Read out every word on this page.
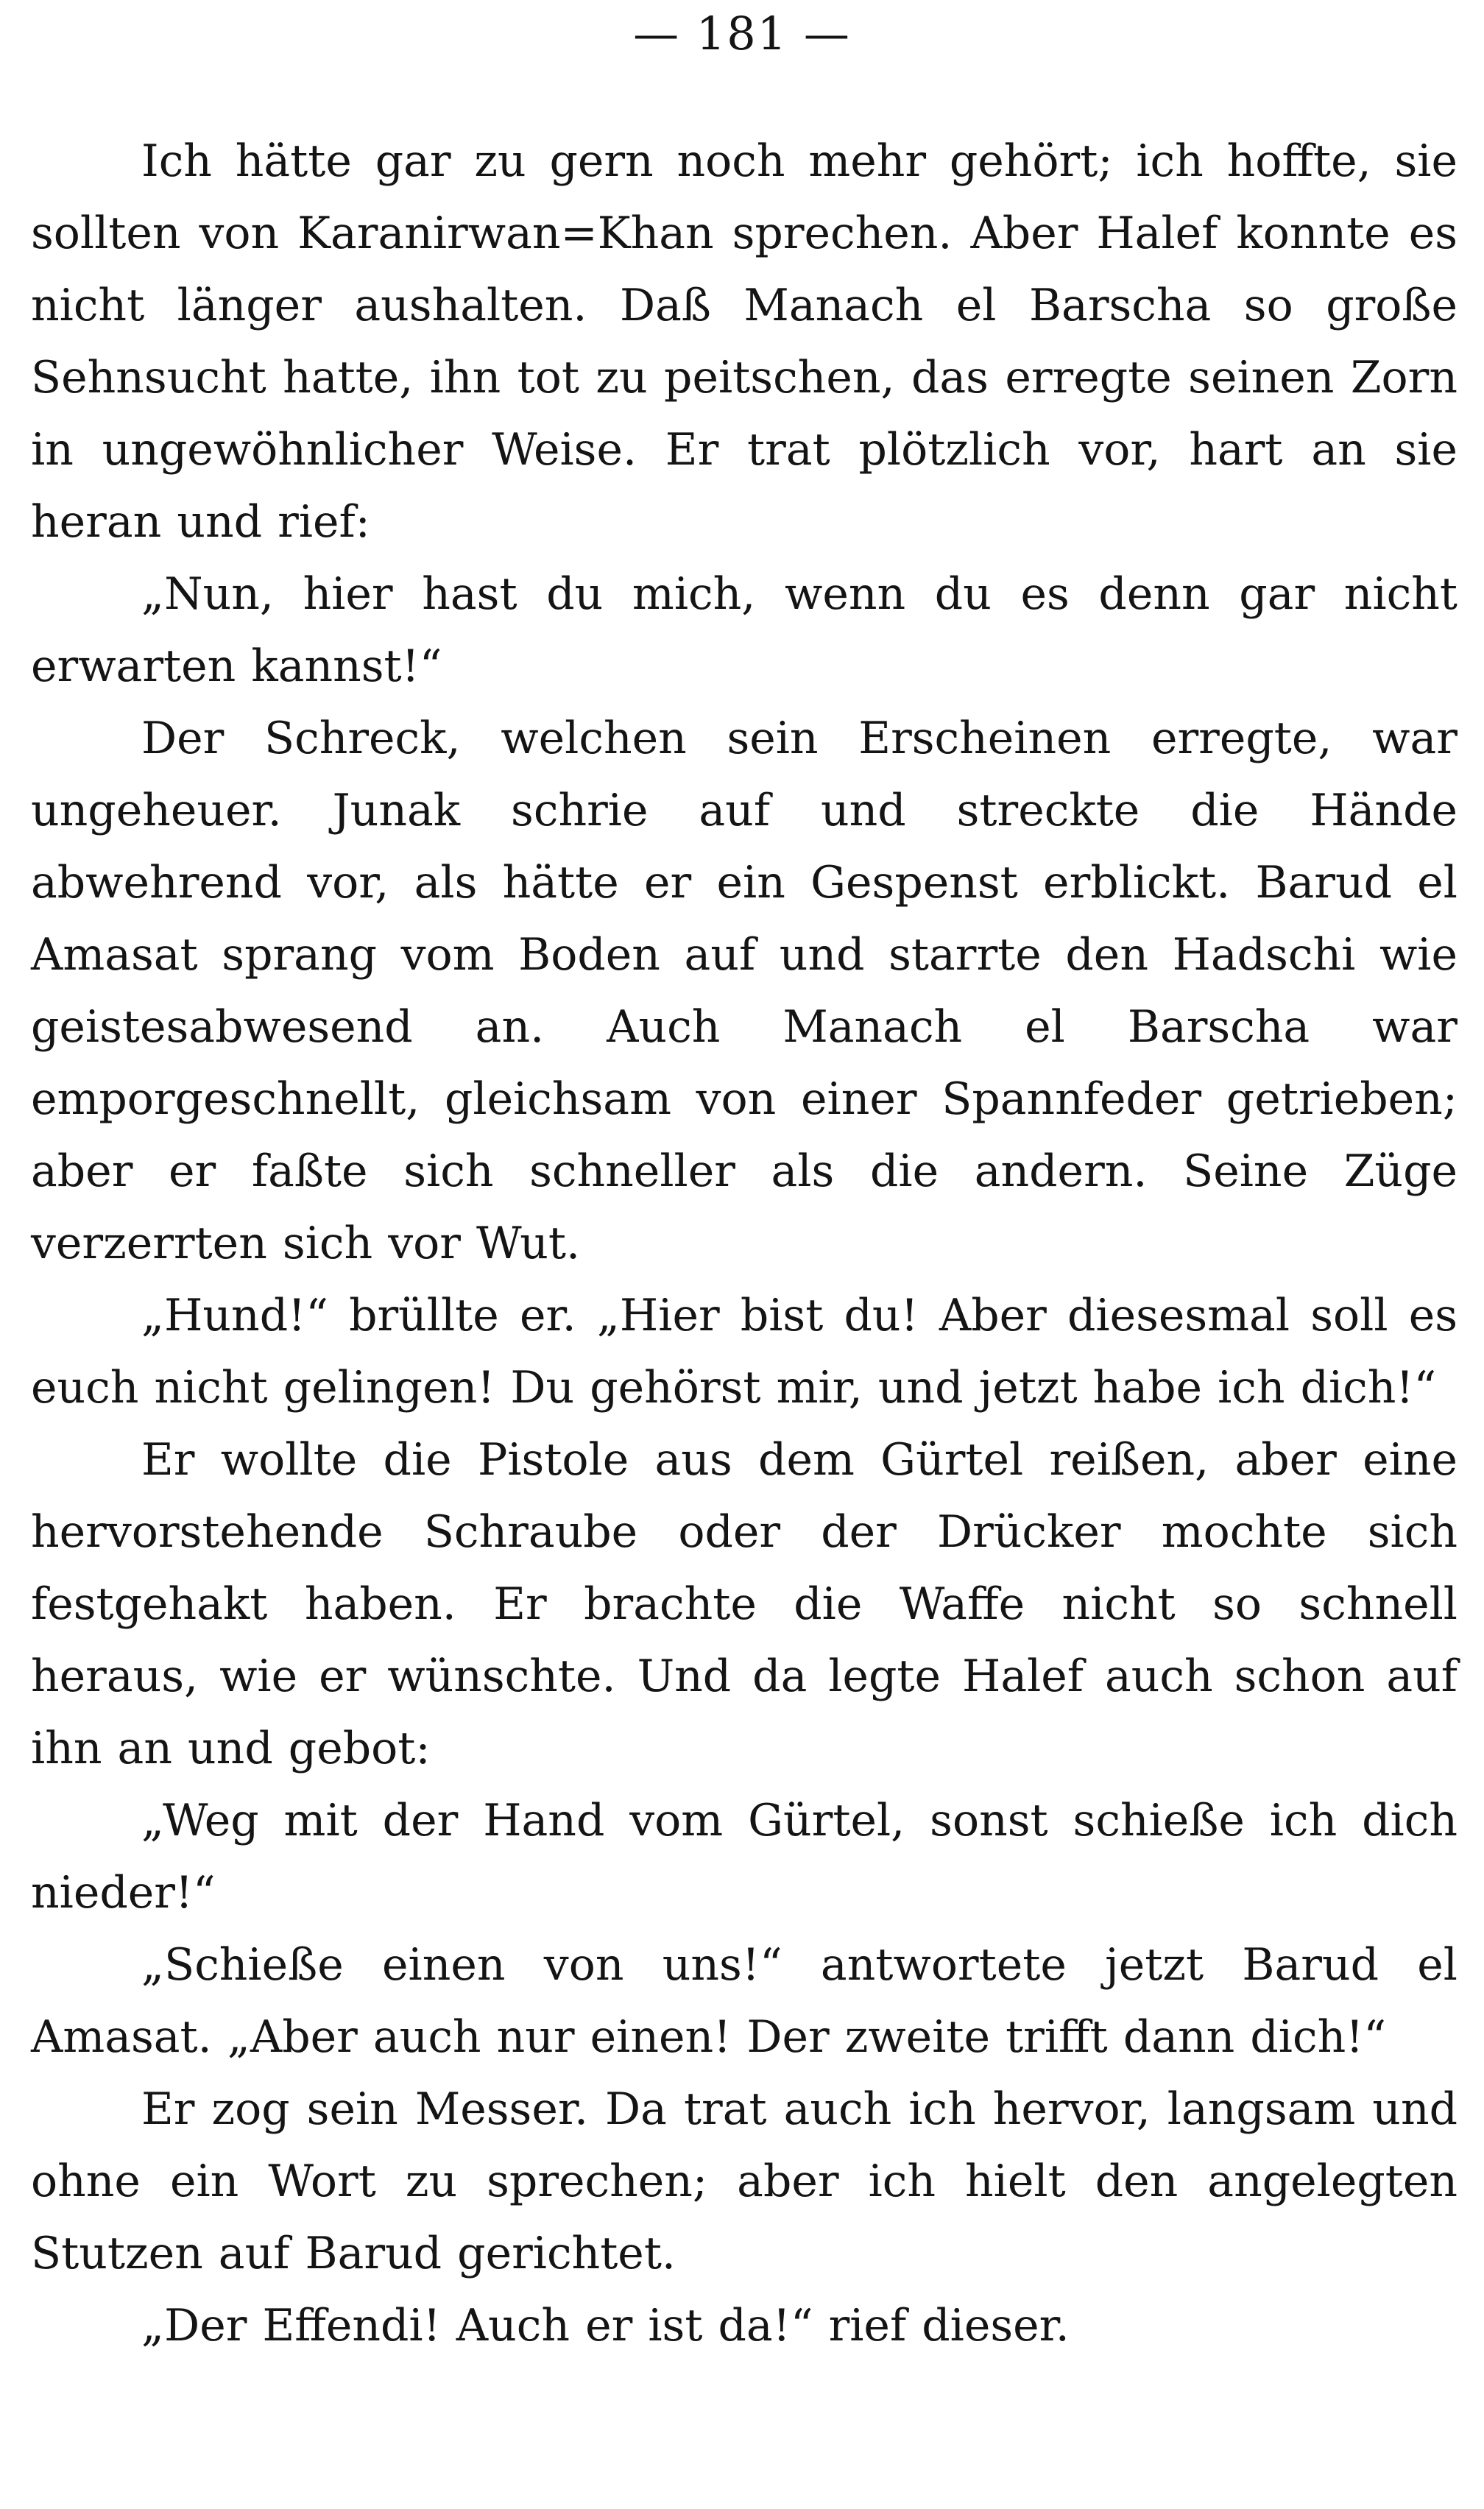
— 181 —

Ich hätte gar zu gern noch mehr gehört; ich hoffte, sie sollten von Karanirwan=Khan sprechen. Aber Halef konnte es nicht länger aushalten. Daß Manach el Barscha so große Sehnsucht hatte, ihn tot zu peitschen, das erregte seinen Zorn in ungewöhnlicher Weise. Er trat plötzlich vor, hart an sie heran und rief:

„Nun, hier hast du mich, wenn du es denn gar nicht erwarten kannst!“

Der Schreck, welchen sein Erscheinen erregte, war ungeheuer. Junak schrie auf und streckte die Hände abwehrend vor, als hätte er ein Gespenst erblickt. Barud el Amasat sprang vom Boden auf und starrte den Hadschi wie geistesabwesend an. Auch Manach el Barscha war emporgeschnellt, gleichsam von einer Spannfeder getrieben; aber er faßte sich schneller als die andern. Seine Züge verzerrten sich vor Wut.

„Hund!“ brüllte er. „Hier bist du! Aber diesesmal soll es euch nicht gelingen! Du gehörst mir, und jetzt habe ich dich!“

Er wollte die Pistole aus dem Gürtel reißen, aber eine hervorstehende Schraube oder der Drücker mochte sich festgehakt haben. Er brachte die Waffe nicht so schnell heraus, wie er wünschte. Und da legte Halef auch schon auf ihn an und gebot:

„Weg mit der Hand vom Gürtel, sonst schieße ich dich nieder!“

„Schieße einen von uns!“ antwortete jetzt Barud el Amasat. „Aber auch nur einen! Der zweite trifft dann dich!“

Er zog sein Messer. Da trat auch ich hervor, langsam und ohne ein Wort zu sprechen; aber ich hielt den angelegten Stutzen auf Barud gerichtet.

„Der Effendi! Auch er ist da!“ rief dieser.
